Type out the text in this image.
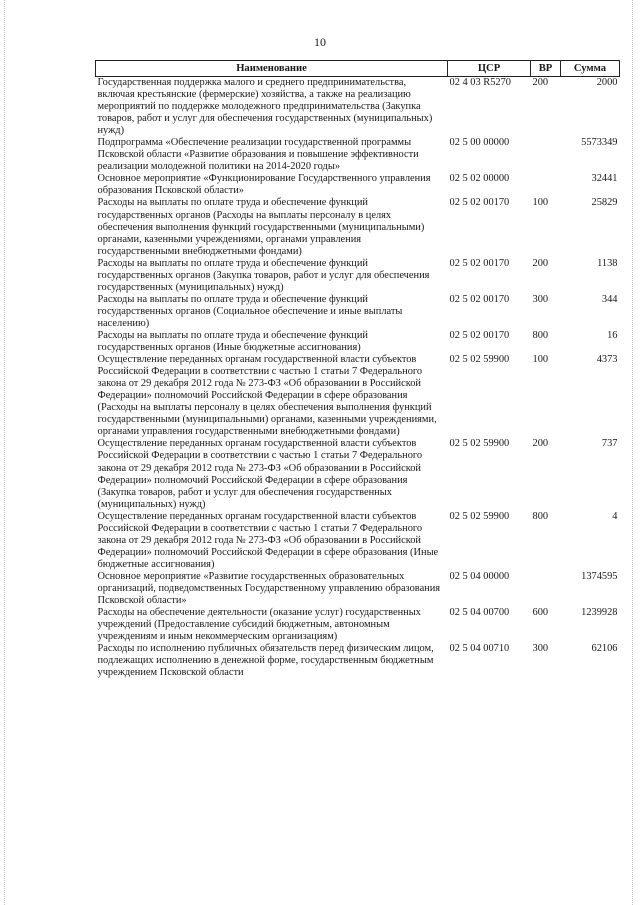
10
Наименование	ЦСР	ВР	Сумма
Государственная поддержка малого и среднего предпринимательства, включая крестьянские (фермерские) хозяйства, а также на реализацию мероприятий по поддержке молодежного предпринимательства (Закупка товаров, работ и услуг для обеспечения государственных (муниципальных) нужд)	02 4 03 R5270	200	2000
Подпрограмма «Обеспечение реализации государственной программы Псковской области «Развитие образования и повышение эффективности реализации молодежной политики на 2014-2020 годы»	02 5 00 00000		5573349
Основное мероприятие «Функционирование Государственного управления образования Псковской области»	02 5 02 00000		32441
Расходы на выплаты по оплате труда и обеспечение функций государственных органов (Расходы на выплаты персоналу в целях обеспечения выполнения функций государственными (муниципальными) органами, казенными учреждениями, органами управления государственными внебюджетными фондами)	02 5 02 00170	100	25829
Расходы на выплаты по оплате труда и обеспечение функций государственных органов (Закупка товаров, работ и услуг для обеспечения государственных (муниципальных) нужд)	02 5 02 00170	200	1138
Расходы на выплаты по оплате труда и обеспечение функций государственных органов (Социальное обеспечение и иные выплаты населению)	02 5 02 00170	300	344
Расходы на выплаты по оплате труда и обеспечение функций государственных органов (Иные бюджетные ассигнования)	02 5 02 00170	800	16
Осуществление переданных органам государственной власти субъектов Российской Федерации в соответствии с частью 1 статьи 7 Федерального закона от 29 декабря 2012 года № 273-ФЗ «Об образовании в Российской Федерации» полномочий Российской Федерации в сфере образования (Расходы на выплаты персоналу в целях обеспечения выполнения функций государственными (муниципальными) органами, казенными учреждениями, органами управления государственными внебюджетными фондами)	02 5 02 59900	100	4373
Осуществление переданных органам государственной власти субъектов Российской Федерации в соответствии с частью 1 статьи 7 Федерального закона от 29 декабря 2012 года № 273-ФЗ «Об образовании в Российской Федерации» полномочий Российской Федерации в сфере образования (Закупка товаров, работ и услуг для обеспечения государственных (муниципальных) нужд)	02 5 02 59900	200	737
Осуществление переданных органам государственной власти субъектов Российской Федерации в соответствии с частью 1 статьи 7 Федерального закона от 29 декабря 2012 года № 273-ФЗ «Об образовании в Российской Федерации» полномочий Российской Федерации в сфере образования (Иные бюджетные ассигнования)	02 5 02 59900	800	4
Основное мероприятие «Развитие государственных образовательных организаций, подведомственных Государственному управлению образования Псковской области»	02 5 04 00000		1374595
Расходы на обеспечение деятельности (оказание услуг) государственных учреждений (Предоставление субсидий бюджетным, автономным учреждениям и иным некоммерческим организациям)	02 5 04 00700	600	1239928
Расходы по исполнению публичных обязательств перед физическим лицом, подлежащих исполнению в денежной форме, государственным бюджетным учреждением Псковской области	02 5 04 00710	300	62106
